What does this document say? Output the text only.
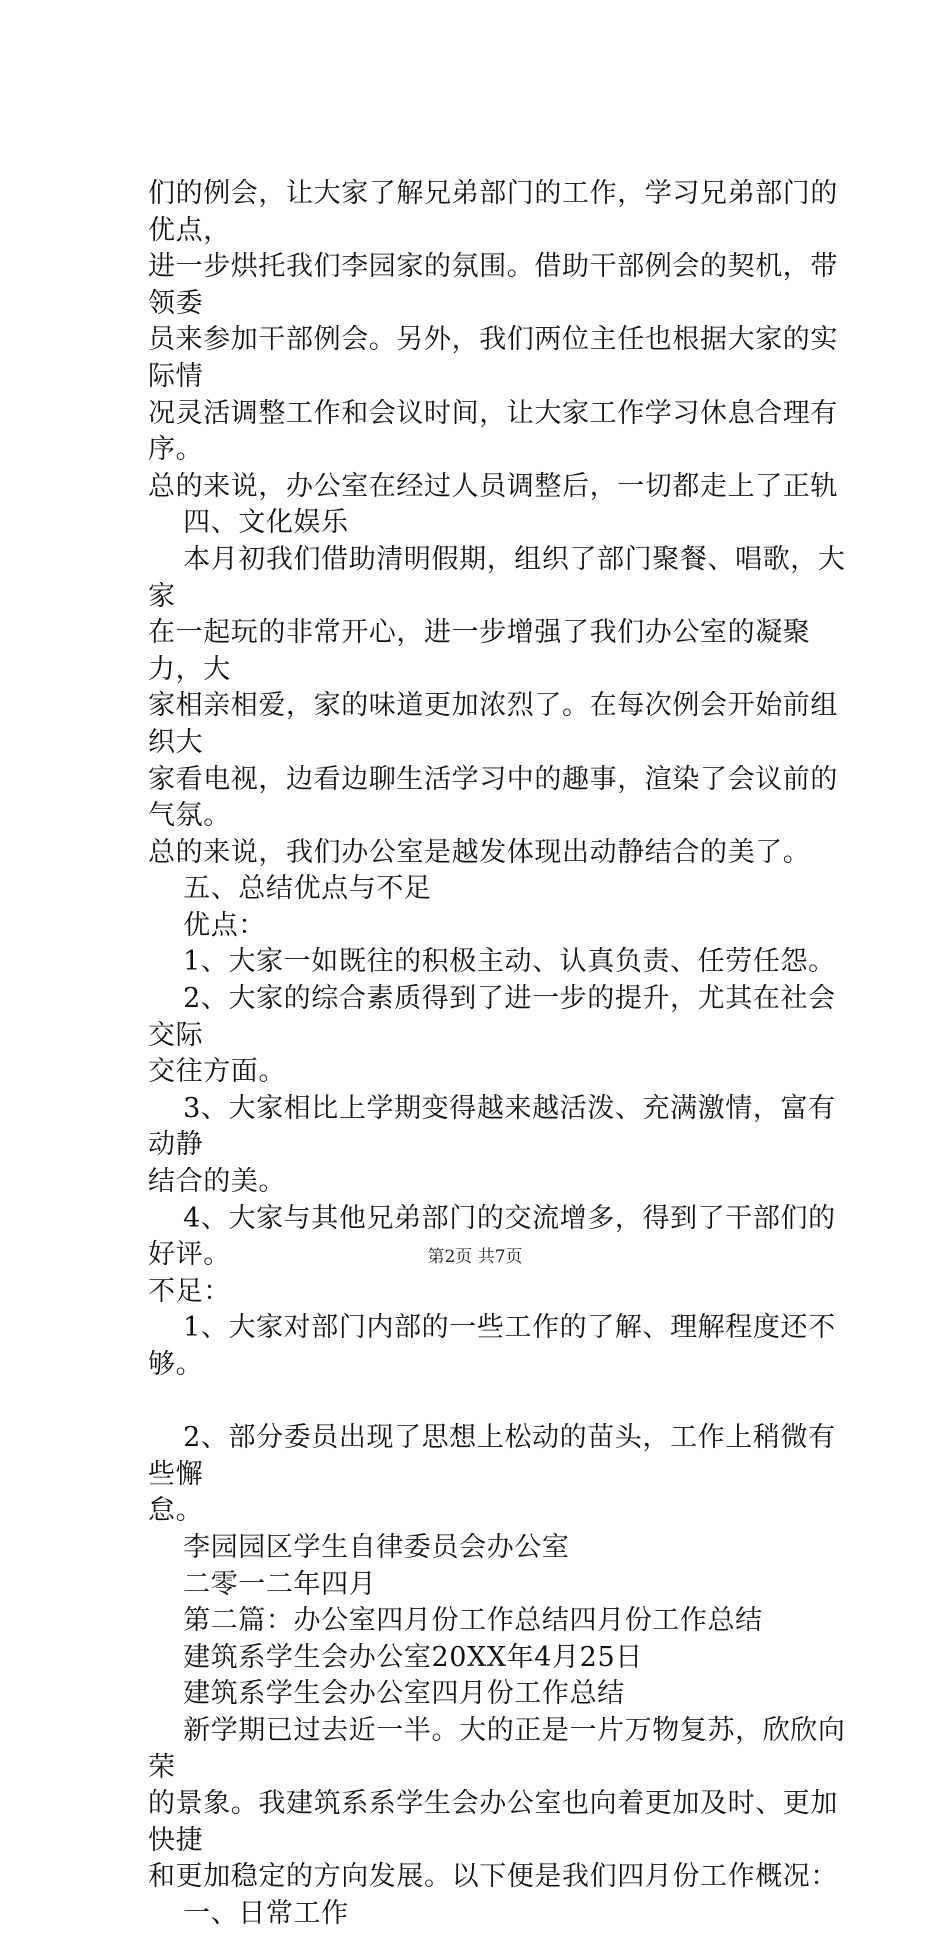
们的例会，让大家了解兄弟部门的工作，学习兄弟部门的优点，

进一步烘托我们李园家的氛围。借助干部例会的契机，带领委

员来参加干部例会。另外，我们两位主任也根据大家的实际情

况灵活调整工作和会议时间，让大家工作学习休息合理有序。

总的来说，办公室在经过人员调整后，一切都走上了正轨

四、文化娱乐

本月初我们借助清明假期，组织了部门聚餐、唱歌，大家

在一起玩的非常开心，进一步增强了我们办公室的凝聚力，大

家相亲相爱，家的味道更加浓烈了。在每次例会开始前组织大

家看电视，边看边聊生活学习中的趣事，渲染了会议前的气氛。

总的来说，我们办公室是越发体现出动静结合的美了。

五、总结优点与不足

优点：

1、大家一如既往的积极主动、认真负责、任劳任怨。

2、大家的综合素质得到了进一步的提升，尤其在社会交际

交往方面。

3、大家相比上学期变得越来越活泼、充满激情，富有动静

结合的美。

4、大家与其他兄弟部门的交流增多，得到了干部们的好评。

不足：

1、大家对部门内部的一些工作的了解、理解程度还不够。

2、部分委员出现了思想上松动的苗头，工作上稍微有些懈

怠。

李园园区学生自律委员会办公室

二零一二年四月

第二篇：办公室四月份工作总结四月份工作总结

建筑系学生会办公室20XX年4月25日

建筑系学生会办公室四月份工作总结

新学期已过去近一半。大的正是一片万物复苏，欣欣向荣

的景象。我建筑系系学生会办公室也向着更加及时、更加快捷

和更加稳定的方向发展。以下便是我们四月份工作概况：

一、日常工作

第2页 共7页
